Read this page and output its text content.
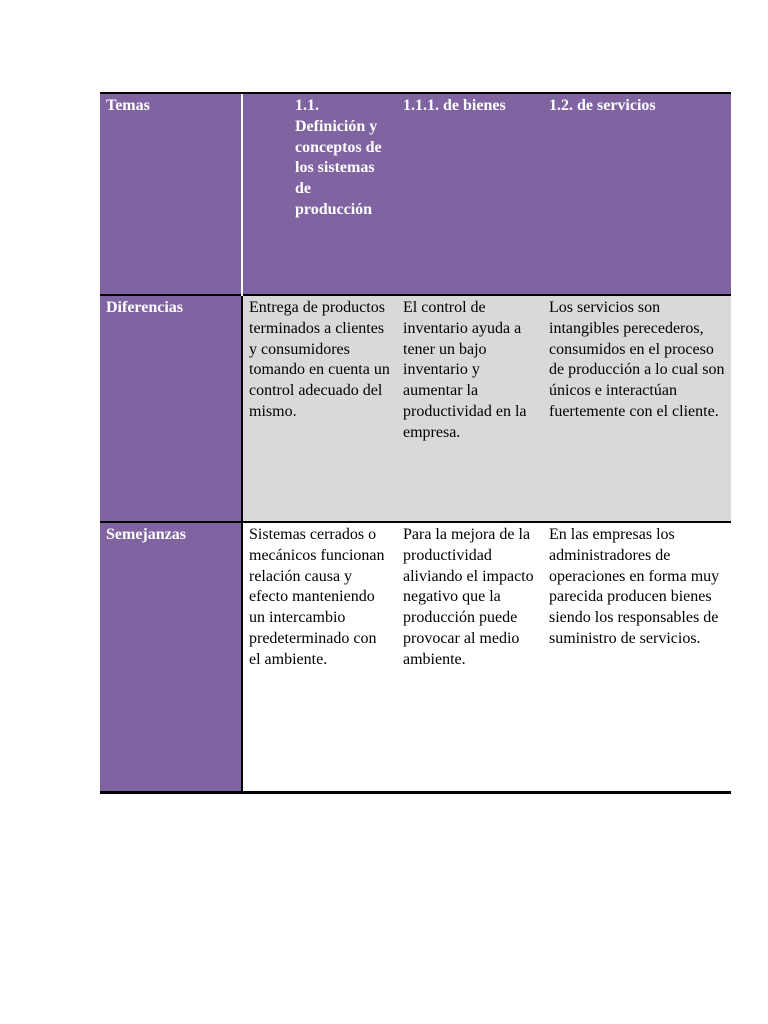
Temas	1.1. Definición y conceptos de los sistemas de producción	1.1.1. de bienes	1.2. de servicios
Diferencias	Entrega de productos terminados a clientes y consumidores tomando en cuenta un control adecuado del mismo.	El control de inventario ayuda a tener un bajo inventario y aumentar la productividad en la empresa.	Los servicios son intangibles perecederos, consumidos en el proceso de producción a lo cual son únicos e interactúan fuertemente con el cliente.
Semejanzas	Sistemas cerrados o mecánicos funcionan relación causa y efecto manteniendo un intercambio predeterminado con el ambiente.	Para la mejora de la productividad aliviando el impacto negativo que la producción puede provocar al medio ambiente.	En las empresas los administradores de operaciones en forma muy parecida producen bienes siendo los responsables de suministro de servicios.
